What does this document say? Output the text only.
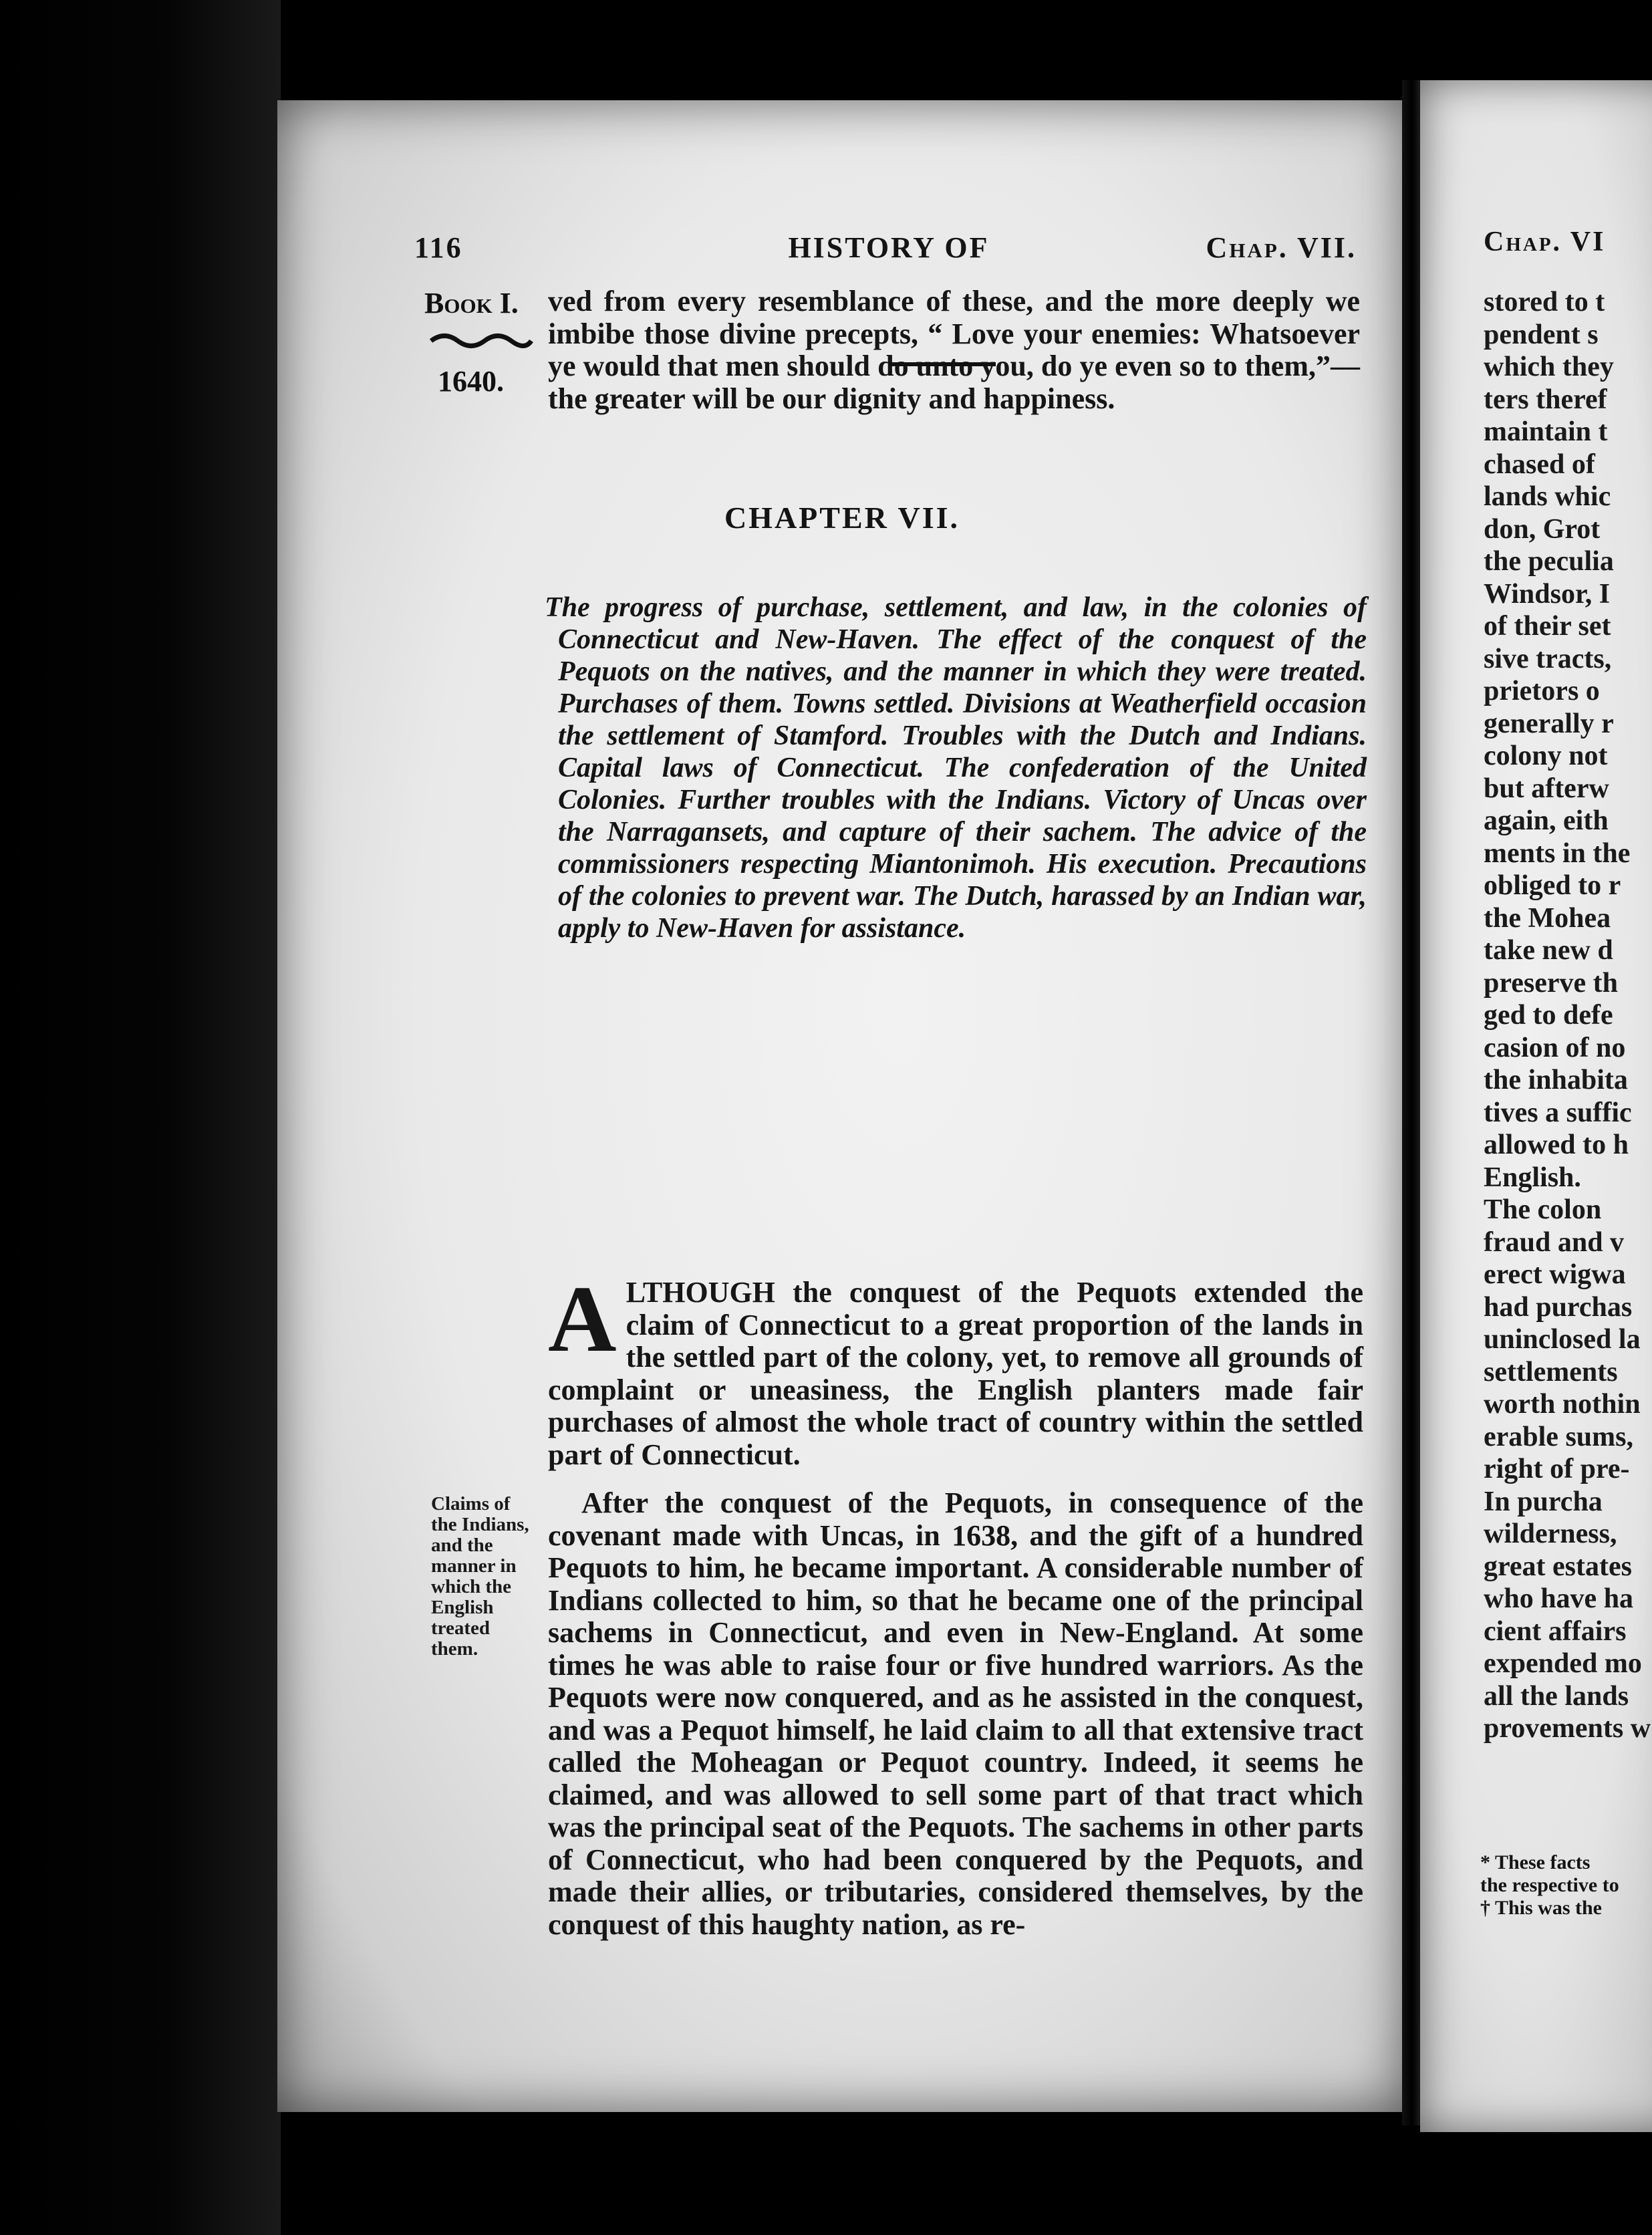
116	HISTORY OF	Chap. VII.
Book I.
1640.
ved from every resemblance of these, and the more deeply we imbibe those divine precepts, “ Love your enemies: Whatsoever ye would that men should do unto you, do ye even so to them,”—the greater will be our dignity and happiness.
CHAPTER VII.
The progress of purchase, settlement, and law, in the colonies of Connecticut and New-Haven. The effect of the conquest of the Pequots on the natives, and the manner in which they were treated. Purchases of them. Towns settled. Divisions at Weatherfield occasion the settlement of Stamford. Troubles with the Dutch and Indians. Capital laws of Connecticut. The confederation of the United Colonies. Further troubles with the Indians. Victory of Uncas over the Narragansets, and capture of their sachem. The advice of the commissioners respecting Miantonimoh. His execution. Precautions of the colonies to prevent war. The Dutch, harassed by an Indian war, apply to New-Haven for assistance.
ALTHOUGH the conquest of the Pequots extended the claim of Connecticut to a great proportion of the lands in the settled part of the colony, yet, to remove all grounds of complaint or uneasiness, the English planters made fair purchases of almost the whole tract of country within the settled part of Connecticut.
Claims of the Indians, and the manner in which the English treated them.
After the conquest of the Pequots, in consequence of the covenant made with Uncas, in 1638, and the gift of a hundred Pequots to him, he became important. A considerable number of Indians collected to him, so that he became one of the principal sachems in Connecticut, and even in New-England. At some times he was able to raise four or five hundred warriors. As the Pequots were now conquered, and as he assisted in the conquest, and was a Pequot himself, he laid claim to all that extensive tract called the Moheagan or Pequot country. Indeed, it seems he claimed, and was allowed to sell some part of that tract which was the principal seat of the Pequots. The sachems in other parts of Connecticut, who had been conquered by the Pequots, and made their allies, or tributaries, considered themselves, by the conquest of this haughty nation, as re-
Chap. VI
stored to t
pendent s
which they
ters theref
maintain t
chased of
lands whic
don, Grot
the peculia
Windsor, I
of their set
sive tracts,
prietors o
generally r
colony not
but afterw
again, eith
ments in the
obliged to r
the Mohea
take new d
preserve th
ged to defe
casion of no
the inhabita
tives a suffic
allowed to h
English.
The colon
fraud and v
erect wigwa
had purchas
uninclosed la
settlements
worth nothin
erable sums,
right of pre-
In purcha
wilderness,
great estates
who have ha
cient affairs
expended mo
all the lands
provements w
* These facts
the respective to
† This was the
